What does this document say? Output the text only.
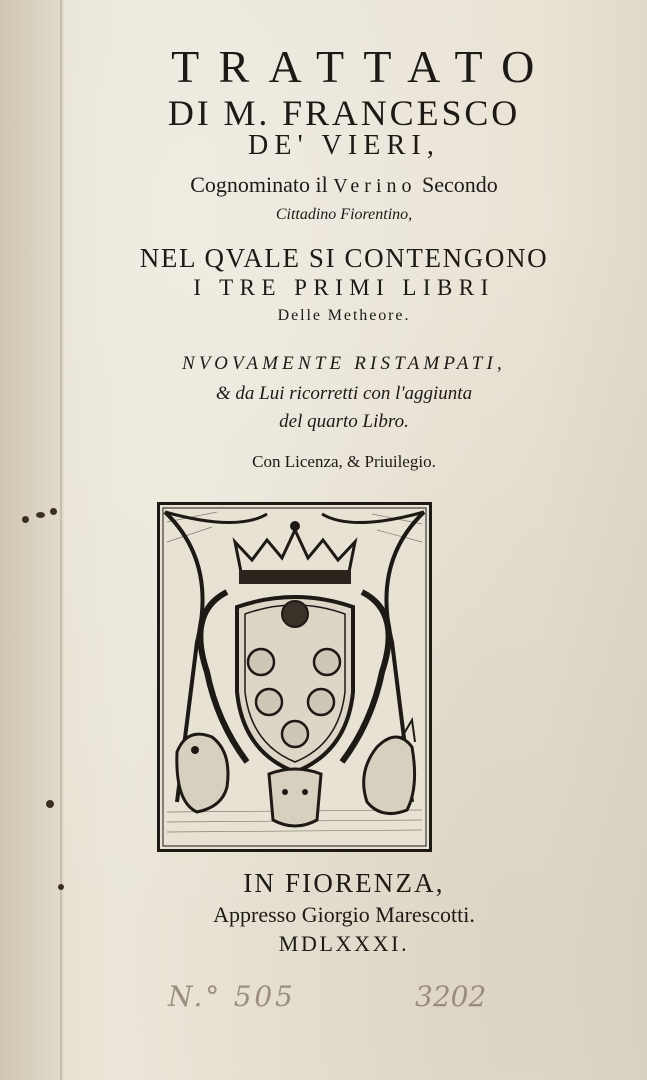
TRATTATO
DI M. FRANCESCO
DE' VIERI,
Cognominato il Verino Secondo
Cittadino Fiorentino,
NEL QVALE SI CONTENGONO
I TRE PRIMI LIBRI
Delle Metheore.
NVOVAMENTE RISTAMPATI,
& da Lui ricorretti con l'aggiunta
del quarto Libro.
Con Licenza, & Priuilegio.
IN FIORENZA,
Appresso Giorgio Marescotti.
MDLXXXI.
N.° 505	3202
